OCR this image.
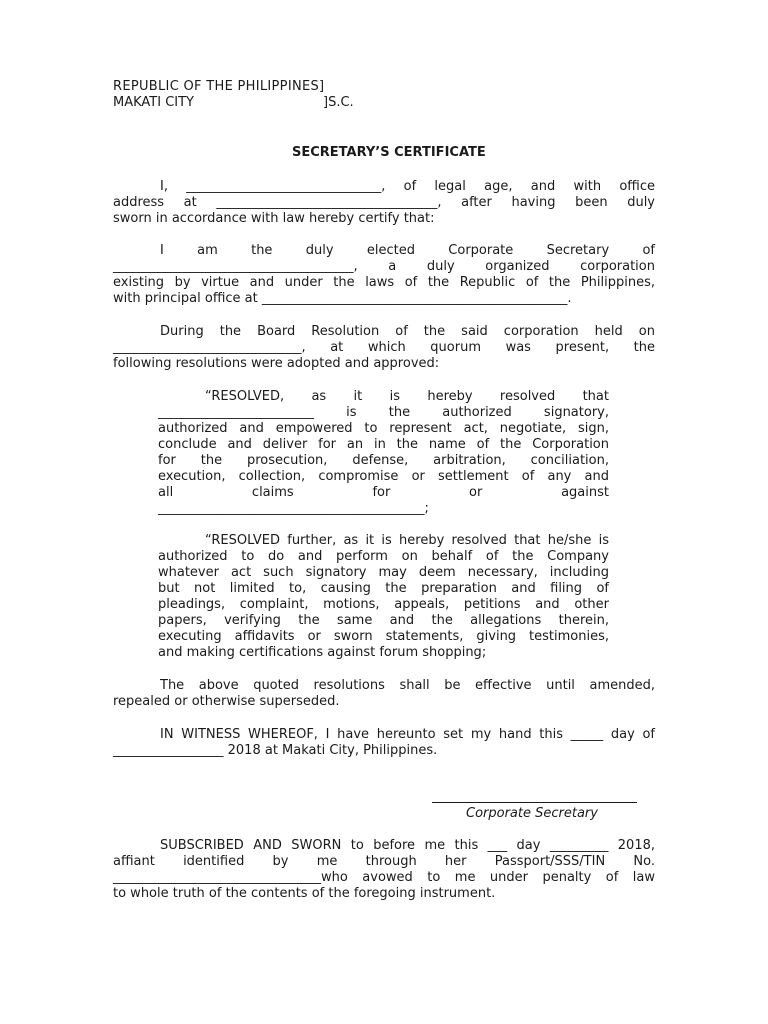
REPUBLIC OF THE PHILIPPINES]
MAKATI CITY	]S.C.
SECRETARY’S CERTIFICATE
I, ______________________________, of legal age, and with office
address at __________________________________, after having been duly
sworn in accordance with law hereby certify that:
I am the duly elected Corporate Secretary of
_____________________________________, a duly organized corporation
existing by virtue and under the laws of the Republic of the Philippines,
with principal office at _______________________________________________.
During the Board Resolution of the said corporation held on
_____________________________, at which quorum was present, the
following resolutions were adopted and approved:
“RESOLVED, as it is hereby resolved that
________________________ is the authorized signatory,
authorized and empowered to represent act, negotiate, sign,
conclude and deliver for an in the name of the Corporation
for the prosecution, defense, arbitration, conciliation,
execution, collection, compromise or settlement of any and
all claims for or against
_________________________________________;
“RESOLVED further, as it is hereby resolved that he/she is
authorized to do and perform on behalf of the Company
whatever act such signatory may deem necessary, including
but not limited to, causing the preparation and filing of
pleadings, complaint, motions, appeals, petitions and other
papers, verifying the same and the allegations therein,
executing affidavits or sworn statements, giving testimonies,
and making certifications against forum shopping;
The above quoted resolutions shall be effective until amended,
repealed or otherwise superseded.
IN WITNESS WHEREOF, I have hereunto set my hand this _____ day of
_________________ 2018 at Makati City, Philippines.
Corporate Secretary
SUBSCRIBED AND SWORN to before me this ___ day _________ 2018,
affiant identified by me through her Passport/SSS/TIN No.
________________________________who avowed to me under penalty of law
to whole truth of the contents of the foregoing instrument.
